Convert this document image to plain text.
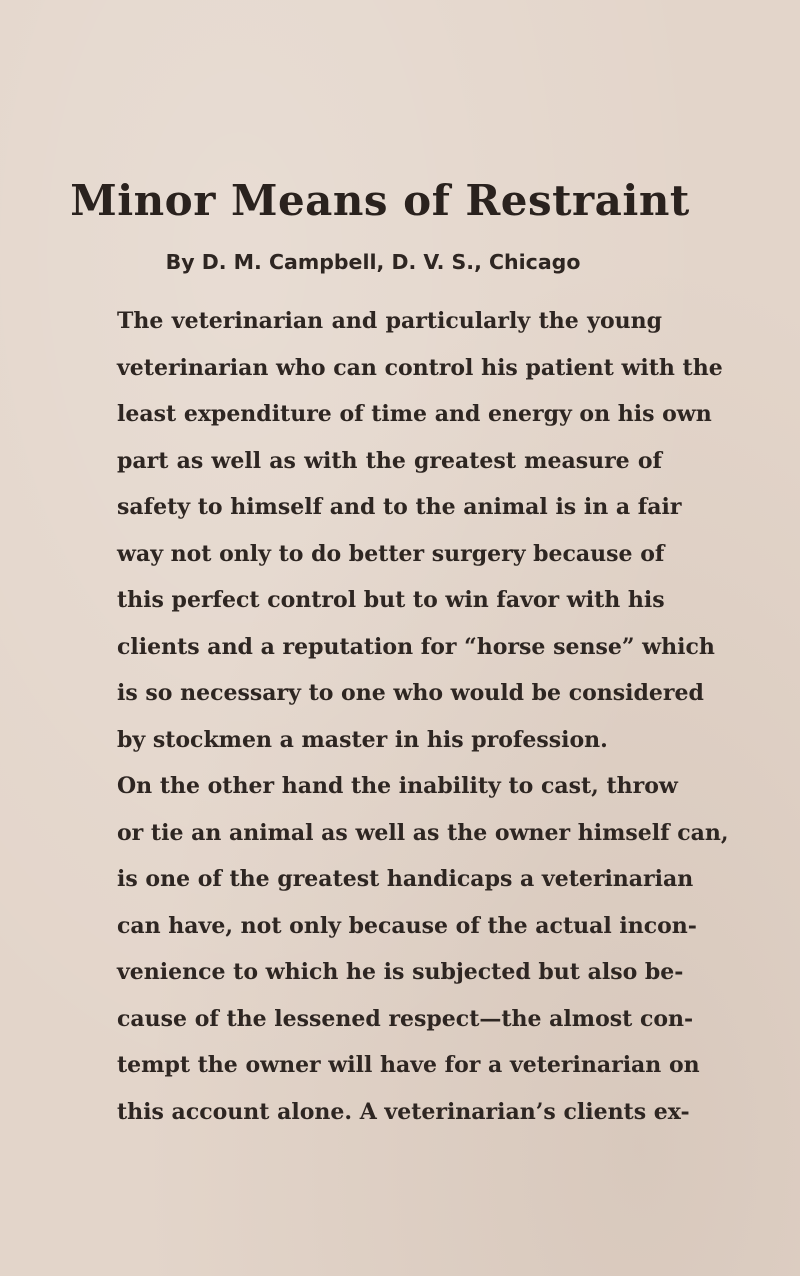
Minor Means of Restraint

By D. M. Campbell, D. V. S., Chicago

The veterinarian and particularly the young
veterinarian who can control his patient with the
least expenditure of time and energy on his own
part as well as with the greatest measure of
safety to himself and to the animal is in a fair
way not only to do better surgery because of
this perfect control but to win favor with his
clients and a reputation for “horse sense” which
is so necessary to one who would be considered
by stockmen a master in his profession.
On the other hand the inability to cast, throw
or tie an animal as well as the owner himself can,
is one of the greatest handicaps a veterinarian
can have, not only because of the actual incon-
venience to which he is subjected but also be-
cause of the lessened respect—the almost con-
tempt the owner will have for a veterinarian on
this account alone. A veterinarian’s clients ex-
